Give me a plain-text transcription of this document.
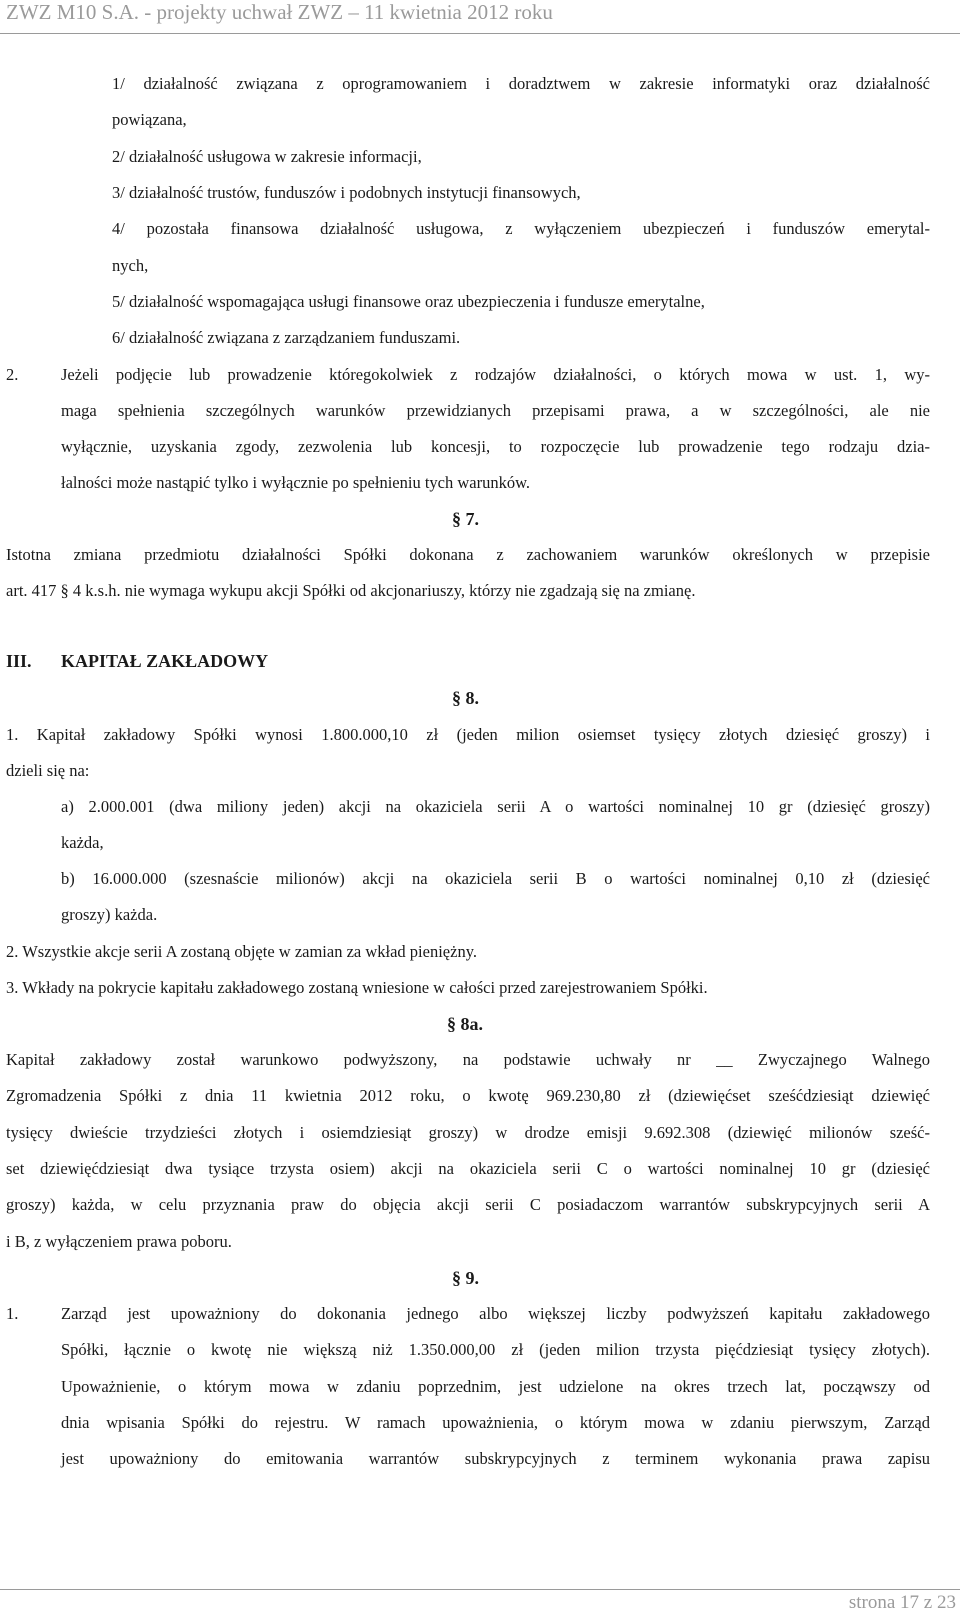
ZWZ M10 S.A. - projekty uchwał ZWZ – 11 kwietnia 2012 roku
1/ działalność związana z oprogramowaniem i doradztwem w zakresie informatyki oraz działalność
powiązana,
2/ działalność usługowa w zakresie informacji,
3/ działalność trustów, funduszów i podobnych instytucji finansowych,
4/ pozostała finansowa działalność usługowa, z wyłączeniem ubezpieczeń i funduszów emerytal-
nych,
5/ działalność wspomagająca usługi finansowe oraz ubezpieczenia i fundusze emerytalne,
6/ działalność związana z zarządzaniem funduszami.
2.	Jeżeli podjęcie lub prowadzenie któregokolwiek z rodzajów działalności, o których mowa w ust. 1, wy-
maga spełnienia szczególnych warunków przewidzianych przepisami prawa, a w szczególności, ale nie
wyłącznie, uzyskania zgody, zezwolenia lub koncesji, to rozpoczęcie lub prowadzenie tego rodzaju dzia-
łalności może nastąpić tylko i wyłącznie po spełnieniu tych warunków.
§ 7.
Istotna zmiana przedmiotu działalności Spółki dokonana z zachowaniem warunków określonych w przepisie
art. 417 § 4 k.s.h. nie wymaga wykupu akcji Spółki od akcjonariuszy, którzy nie zgadzają się na zmianę.
III. KAPITAŁ ZAKŁADOWY
§ 8.
1. Kapitał zakładowy Spółki wynosi 1.800.000,10 zł (jeden milion osiemset tysięcy złotych dziesięć groszy) i
dzieli się na:
a) 2.000.001 (dwa miliony jeden) akcji na okaziciela serii A o wartości nominalnej 10 gr (dziesięć groszy)
każda,
b) 16.000.000 (szesnaście milionów) akcji na okaziciela serii B o wartości nominalnej 0,10 zł (dziesięć
groszy) każda.
2. Wszystkie akcje serii A zostaną objęte w zamian za wkład pieniężny.
3. Wkłady na pokrycie kapitału zakładowego zostaną wniesione w całości przed zarejestrowaniem Spółki.
§ 8a.
Kapitał zakładowy został warunkowo podwyższony, na podstawie uchwały nr __ Zwyczajnego Walnego
Zgromadzenia Spółki z dnia 11 kwietnia 2012 roku, o kwotę 969.230,80 zł (dziewięćset sześćdziesiąt dziewięć
tysięcy dwieście trzydzieści złotych i osiemdziesiąt groszy) w drodze emisji 9.692.308 (dziewięć milionów sześć-
set dziewięćdziesiąt dwa tysiące trzysta osiem) akcji na okaziciela serii C o wartości nominalnej 10 gr (dziesięć
groszy) każda, w celu przyznania praw do objęcia akcji serii C posiadaczom warrantów subskrypcyjnych serii A
i B, z wyłączeniem prawa poboru.
§ 9.
1.	Zarząd jest upoważniony do dokonania jednego albo większej liczby podwyższeń kapitału zakładowego
Spółki, łącznie o kwotę nie większą niż 1.350.000,00 zł (jeden milion trzysta pięćdziesiąt tysięcy złotych).
Upoważnienie, o którym mowa w zdaniu poprzednim, jest udzielone na okres trzech lat, począwszy od
dnia wpisania Spółki do rejestru. W ramach upoważnienia, o którym mowa w zdaniu pierwszym, Zarząd
jest upoważniony do emitowania warrantów subskrypcyjnych z terminem wykonania prawa zapisu
strona 17 z 23
